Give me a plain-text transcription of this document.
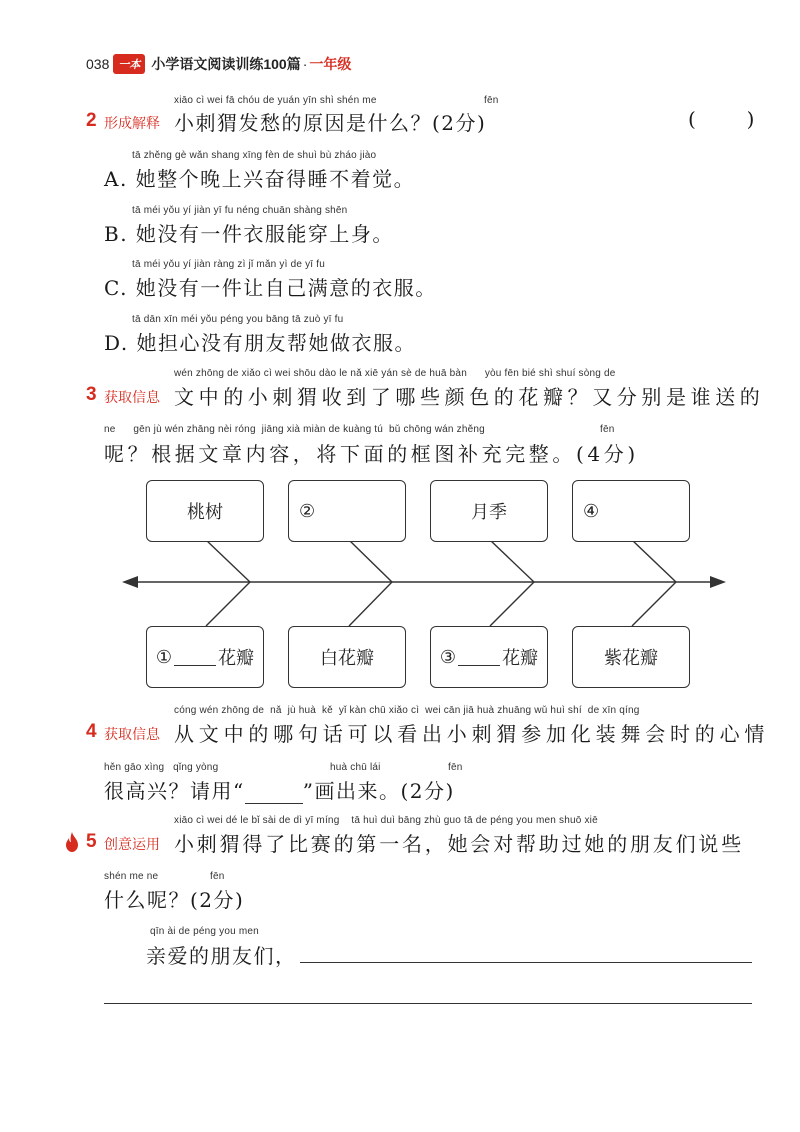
038 一本 小学语文阅读训练100篇 · 一年级
xiāo cì wei fā chóu de yuán yīn shì shén me	fēn
2 形成解释 小刺猬发愁的原因是什么？(2分)	(        )
tā zhěng gè wǎn shang xīng fèn de shuì bù zháo jiào
A. 她整个晚上兴奋得睡不着觉。
tā méi yǒu yí jiàn yī fu néng chuān shàng shēn
B. 她没有一件衣服能穿上身。
tā méi yǒu yí jiàn ràng zì jǐ mǎn yì de yī fu
C. 她没有一件让自己满意的衣服。
tā dān xīn méi yǒu péng you bāng tā zuò yī fu
D. 她担心没有朋友帮她做衣服。
wén zhōng de xiǎo cì wei shōu dào le nǎ xiē yán sè de huā bàn      yòu fēn bié shì shuí sòng de
3 获取信息 文中的小刺猬收到了哪些颜色的花瓣？又分别是谁送的
ne      gēn jù wén zhāng nèi róng  jiāng xià miàn de kuàng tú  bǔ chōng wán zhěng	fēn
呢？根据文章内容，将下面的框图补充完整。(4分)
桃树	②	月季	④
①	花瓣	白花瓣	③	花瓣	紫花瓣
cóng wén zhōng de  nǎ  jù huà  kě  yǐ kàn chū xiǎo cì  wei cān jiā huà zhuāng wǔ huì shí  de xīn qíng
4 获取信息 从文中的哪句话可以看出小刺猬参加化装舞会时的心情
hěn gāo xìng   qǐng yòng	huà chū lái	fēn
很高兴？请用“	”画出来。(2分)
xiāo cì wei dé le bǐ sài de dì yī míng    tā huì duì bāng zhù guo tā de péng you men shuō xiē
5 创意运用 小刺猬得了比赛的第一名，她会对帮助过她的朋友们说些
shén me ne	fēn
什么呢？(2分)
qīn ài de péng you men
亲爱的朋友们，
